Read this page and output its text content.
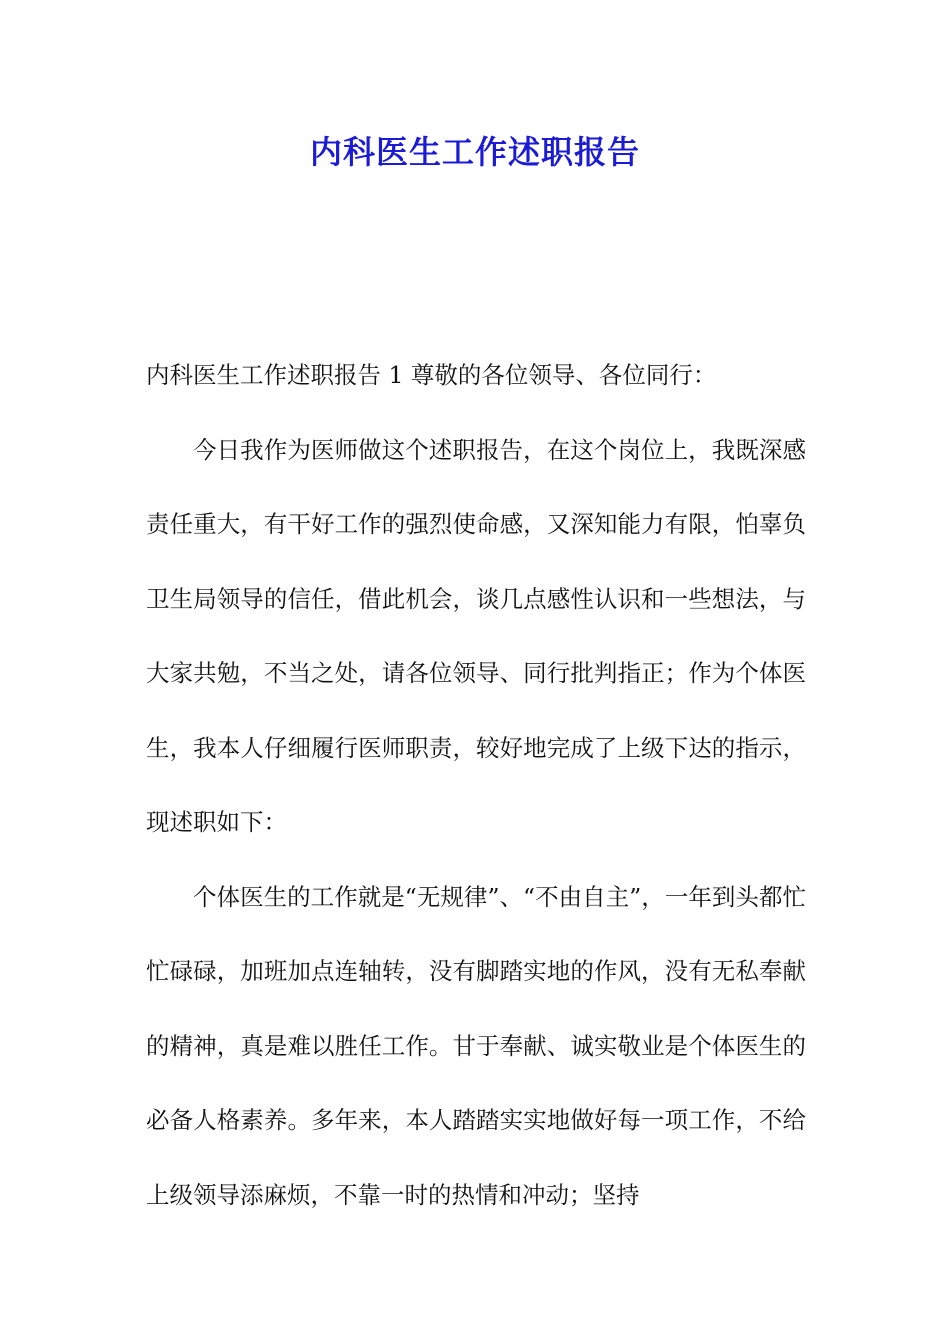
内科医生工作述职报告

内科医生工作述职报告 1 尊敬的各位领导、各位同行：

今日我作为医师做这个述职报告，在这个岗位上，我既深感责任重大，有干好工作的强烈使命感，又深知能力有限，怕辜负卫生局领导的信任，借此机会，谈几点感性认识和一些想法，与大家共勉，不当之处，请各位领导、同行批判指正；作为个体医生，我本人仔细履行医师职责，较好地完成了上级下达的指示，现述职如下：

个体医生的工作就是“无规律”、“不由自主”，一年到头都忙忙碌碌，加班加点连轴转，没有脚踏实地的作风，没有无私奉献的精神，真是难以胜任工作。甘于奉献、诚实敬业是个体医生的必备人格素养。多年来，本人踏踏实实地做好每一项工作，不给上级领导添麻烦，不靠一时的热情和冲动；坚持
